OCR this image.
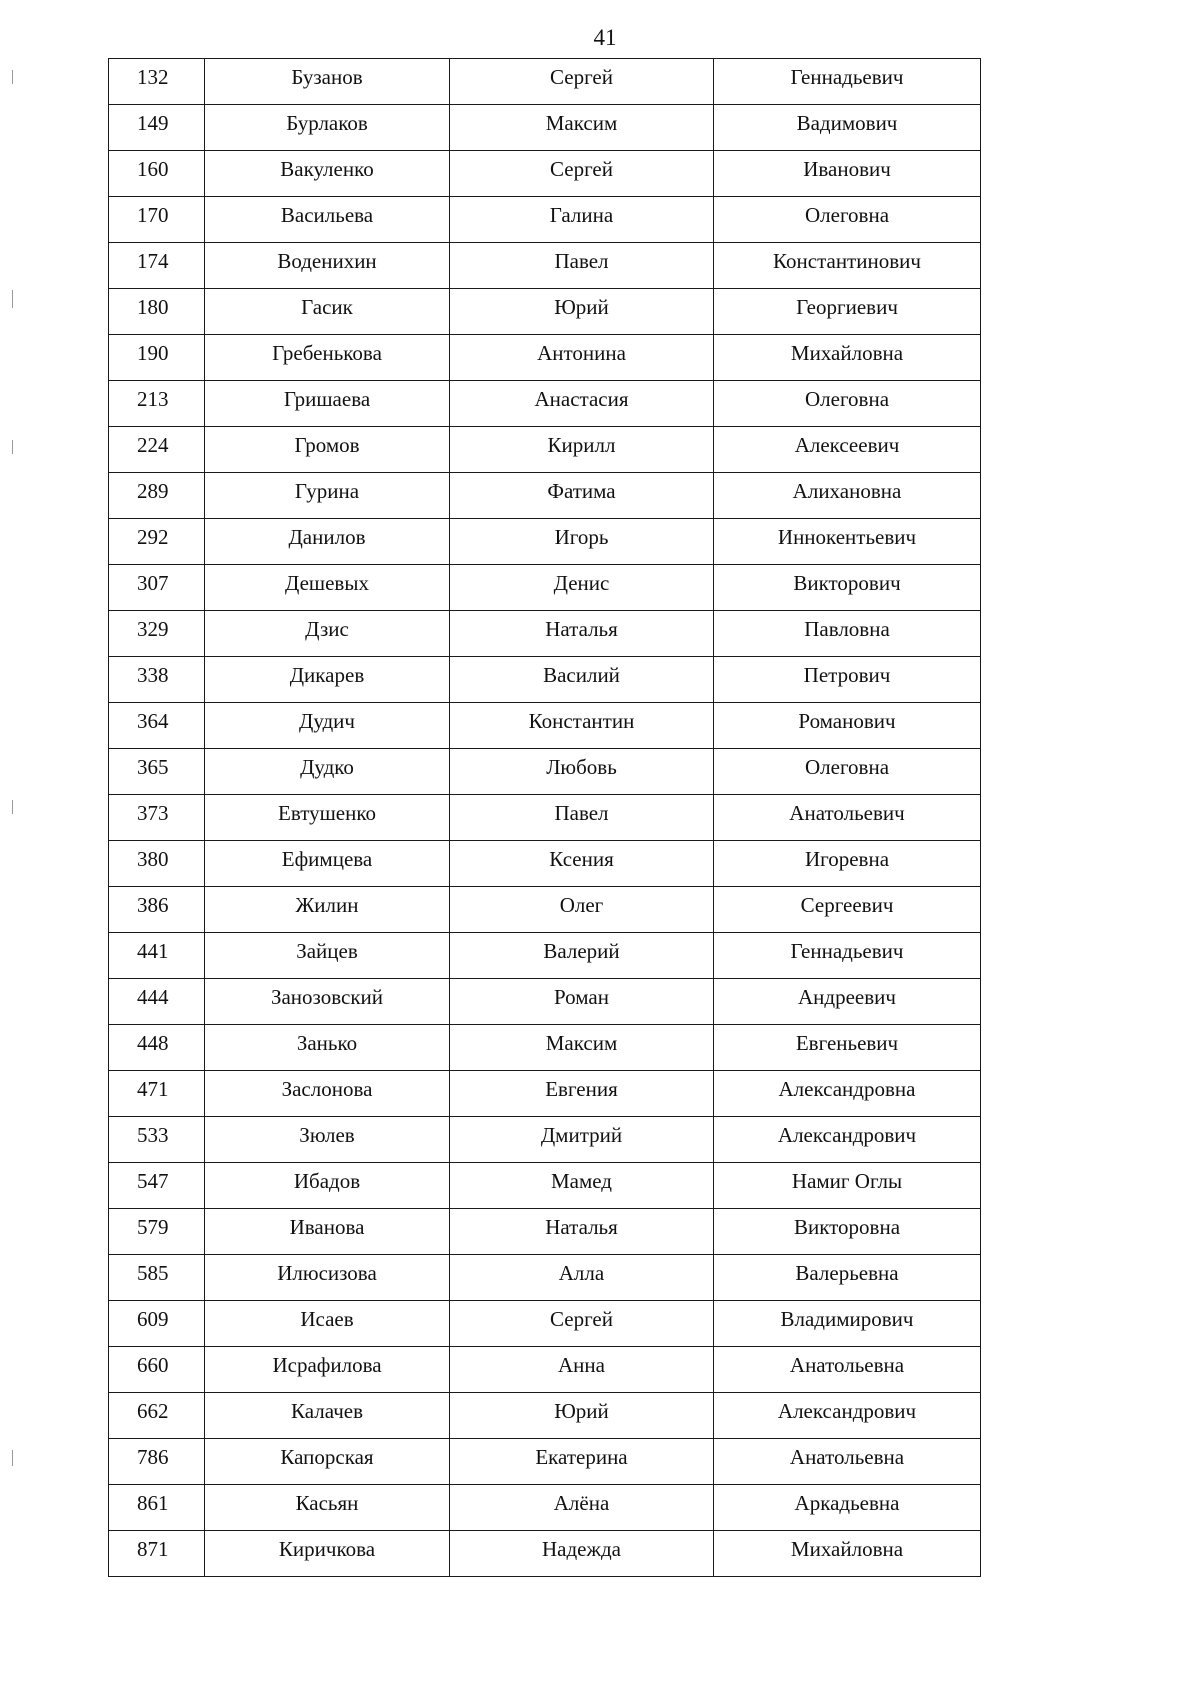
41
132	Бузанов	Сергей	Геннадьевич
149	Бурлаков	Максим	Вадимович
160	Вакуленко	Сергей	Иванович
170	Васильева	Галина	Олеговна
174	Воденихин	Павел	Константинович
180	Гасик	Юрий	Георгиевич
190	Гребенькова	Антонина	Михайловна
213	Гришаева	Анастасия	Олеговна
224	Громов	Кирилл	Алексеевич
289	Гурина	Фатима	Алихановна
292	Данилов	Игорь	Иннокентьевич
307	Дешевых	Денис	Викторович
329	Дзис	Наталья	Павловна
338	Дикарев	Василий	Петрович
364	Дудич	Константин	Романович
365	Дудко	Любовь	Олеговна
373	Евтушенко	Павел	Анатольевич
380	Ефимцева	Ксения	Игоревна
386	Жилин	Олег	Сергеевич
441	Зайцев	Валерий	Геннадьевич
444	Занозовский	Роман	Андреевич
448	Занько	Максим	Евгеньевич
471	Заслонова	Евгения	Александровна
533	Зюлев	Дмитрий	Александрович
547	Ибадов	Мамед	Намиг Оглы
579	Иванова	Наталья	Викторовна
585	Илюсизова	Алла	Валерьевна
609	Исаев	Сергей	Владимирович
660	Исрафилова	Анна	Анатольевна
662	Калачев	Юрий	Александрович
786	Капорская	Екатерина	Анатольевна
861	Касьян	Алёна	Аркадьевна
871	Киричкова	Надежда	Михайловна
